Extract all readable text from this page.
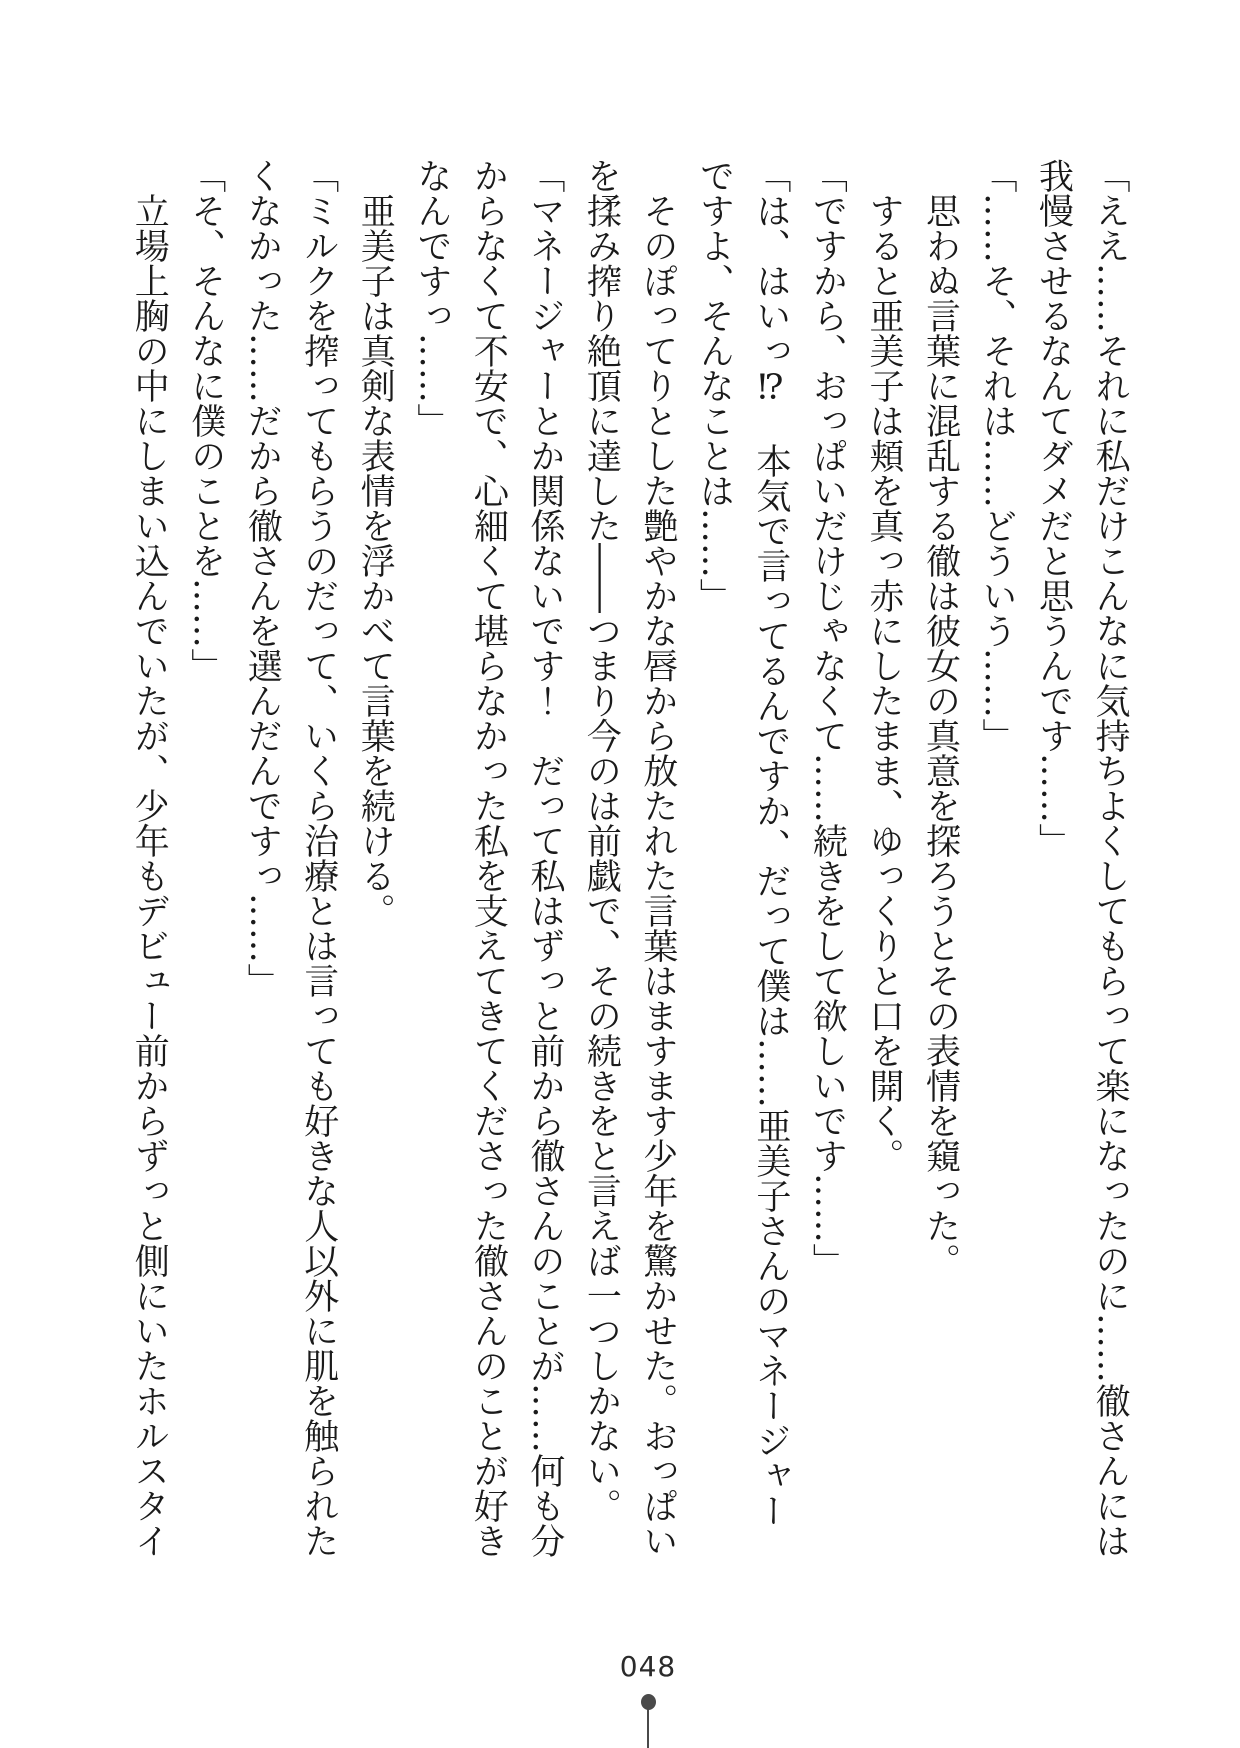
「ええ……それに私だけこんなに気持ちよくしてもらって楽になったのに……徹さんには我慢させるなんてダメだと思うんです……」

「……そ、それは……どういう……」

思わぬ言葉に混乱する徹は彼女の真意を探ろうとその表情を窺った。

すると亜美子は頬を真っ赤にしたまま、ゆっくりと口を開く。

「ですから、おっぱいだけじゃなくて……続きをして欲しいです……」

「は、はいっ⁉　本気で言ってるんですか、だって僕は……亜美子さんのマネージャーですよ、そんなことは……」

そのぽってりとした艶やかな唇から放たれた言葉はますます少年を驚かせた。おっぱいを揉み搾り絶頂に達した――つまり今のは前戯で、その続きをと言えば一つしかない。

「マネージャーとか関係ないです！　だって私はずっと前から徹さんのことが……何も分からなくて不安で、心細くて堪らなかった私を支えてきてくださった徹さんのことが好きなんですっ……」

亜美子は真剣な表情を浮かべて言葉を続ける。

「ミルクを搾ってもらうのだって、いくら治療とは言っても好きな人以外に肌を触られたくなかった……だから徹さんを選んだんですっ……」

「そ、そんなに僕のことを……」

立場上胸の中にしまい込んでいたが、少年もデビュー前からずっと側にいたホルスタイ

048
